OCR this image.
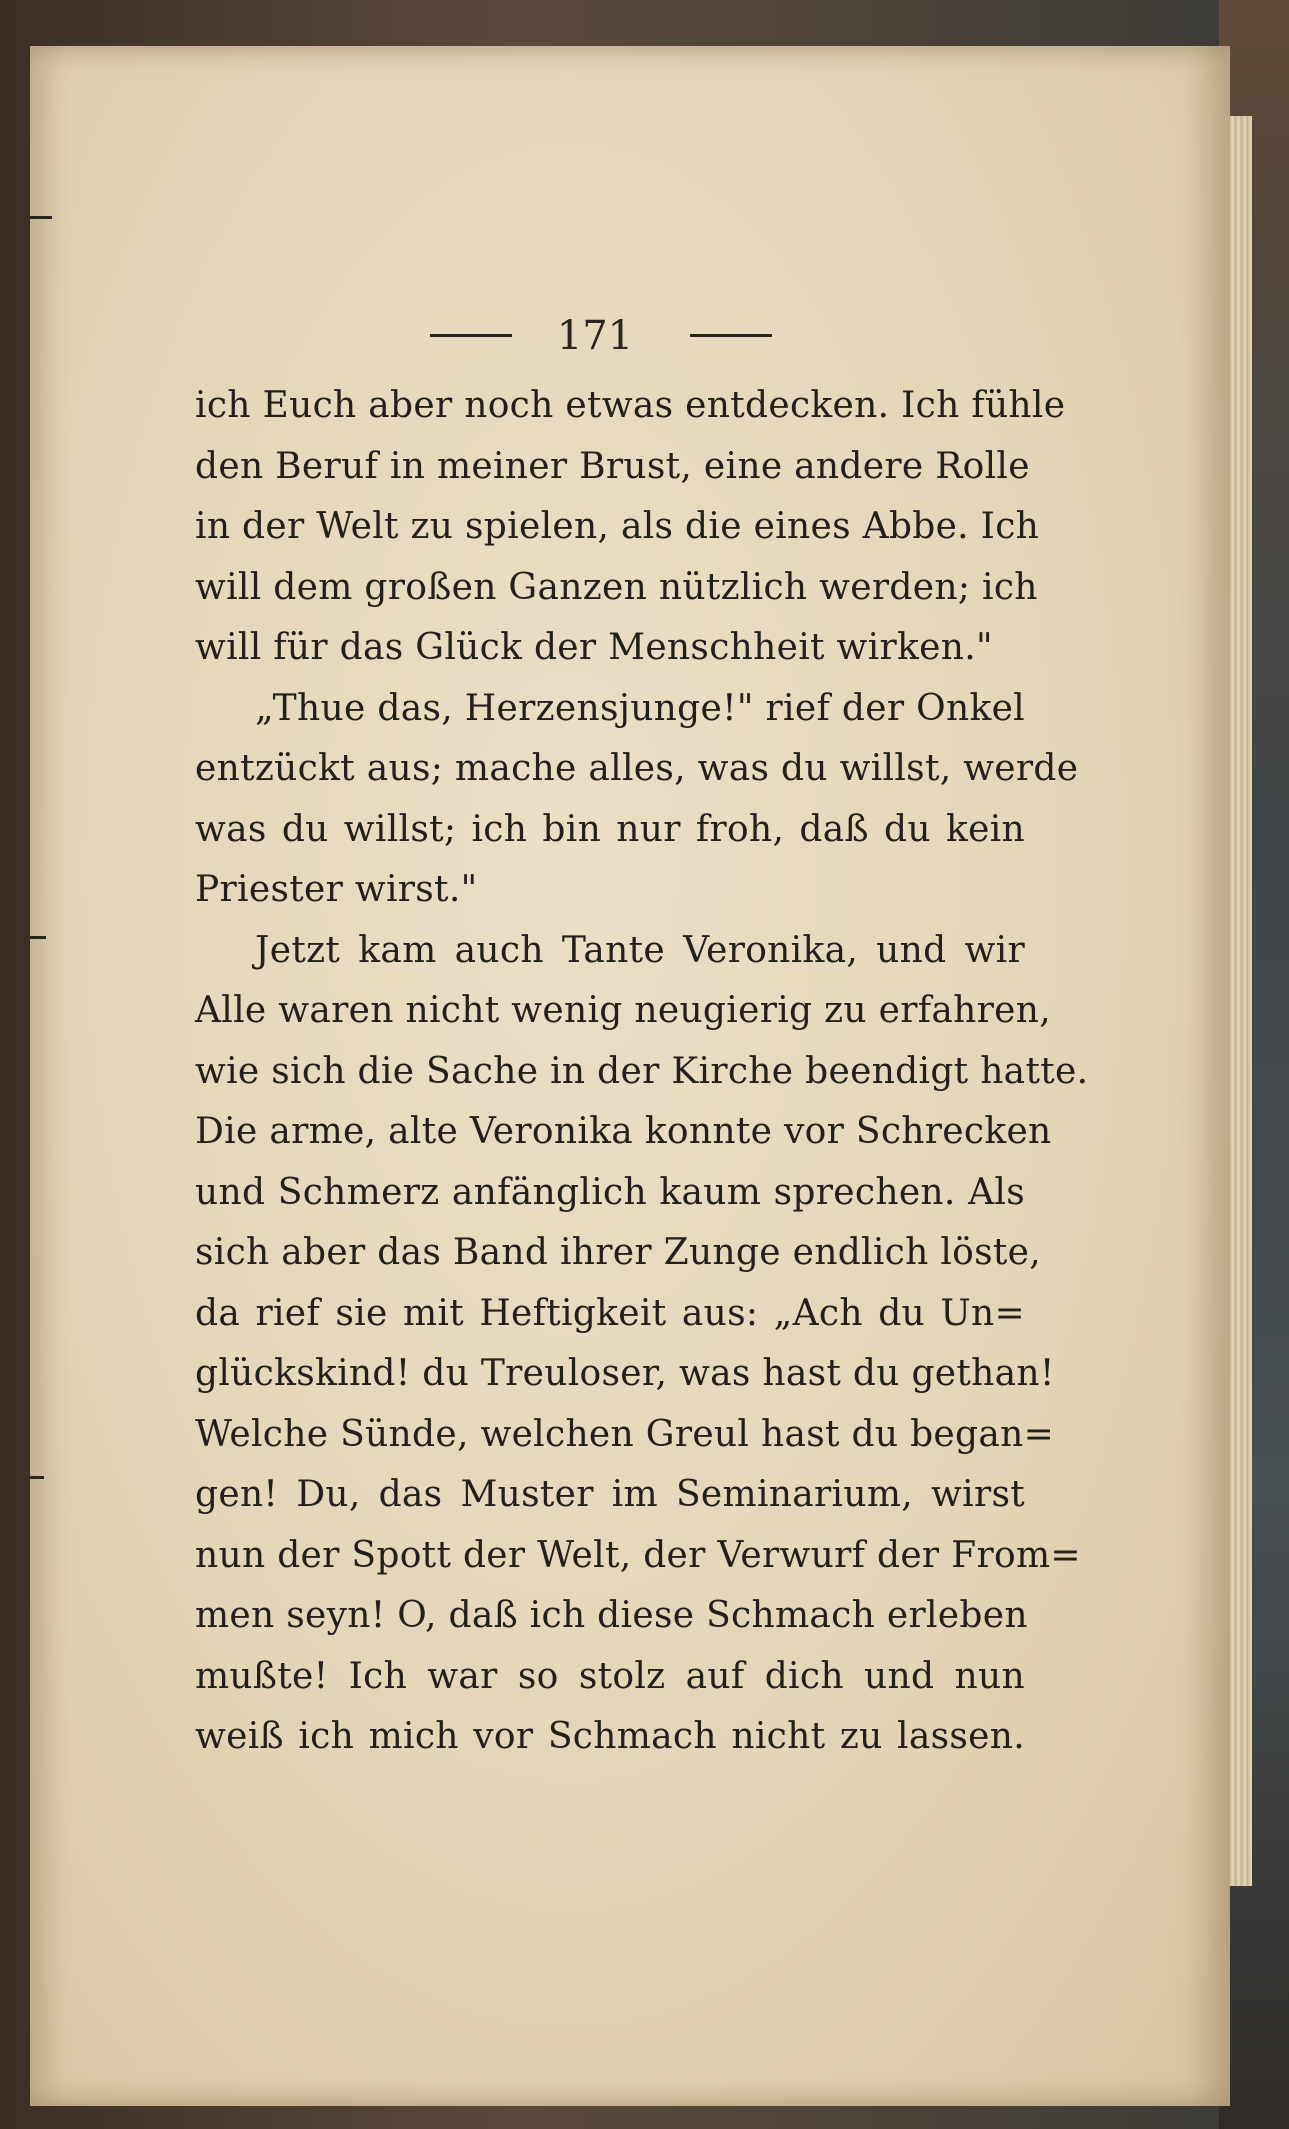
171
ich Euch aber noch etwas entdecken. Ich fühle
den Beruf in meiner Brust, eine andere Rolle
in der Welt zu spielen, als die eines Abbe. Ich
will dem großen Ganzen nützlich werden; ich
will für das Glück der Menschheit wirken."
„Thue das, Herzensjunge!" rief der Onkel
entzückt aus; mache alles, was du willst, werde
was du willst; ich bin nur froh, daß du kein
Priester wirst."
Jetzt kam auch Tante Veronika, und wir
Alle waren nicht wenig neugierig zu erfahren,
wie sich die Sache in der Kirche beendigt hatte.
Die arme, alte Veronika konnte vor Schrecken
und Schmerz anfänglich kaum sprechen. Als
sich aber das Band ihrer Zunge endlich löste,
da rief sie mit Heftigkeit aus: „Ach du Un=
glückskind! du Treuloser, was hast du gethan!
Welche Sünde, welchen Greul hast du began=
gen! Du, das Muster im Seminarium, wirst
nun der Spott der Welt, der Verwurf der From=
men seyn! O, daß ich diese Schmach erleben
mußte! Ich war so stolz auf dich und nun
weiß ich mich vor Schmach nicht zu lassen.
